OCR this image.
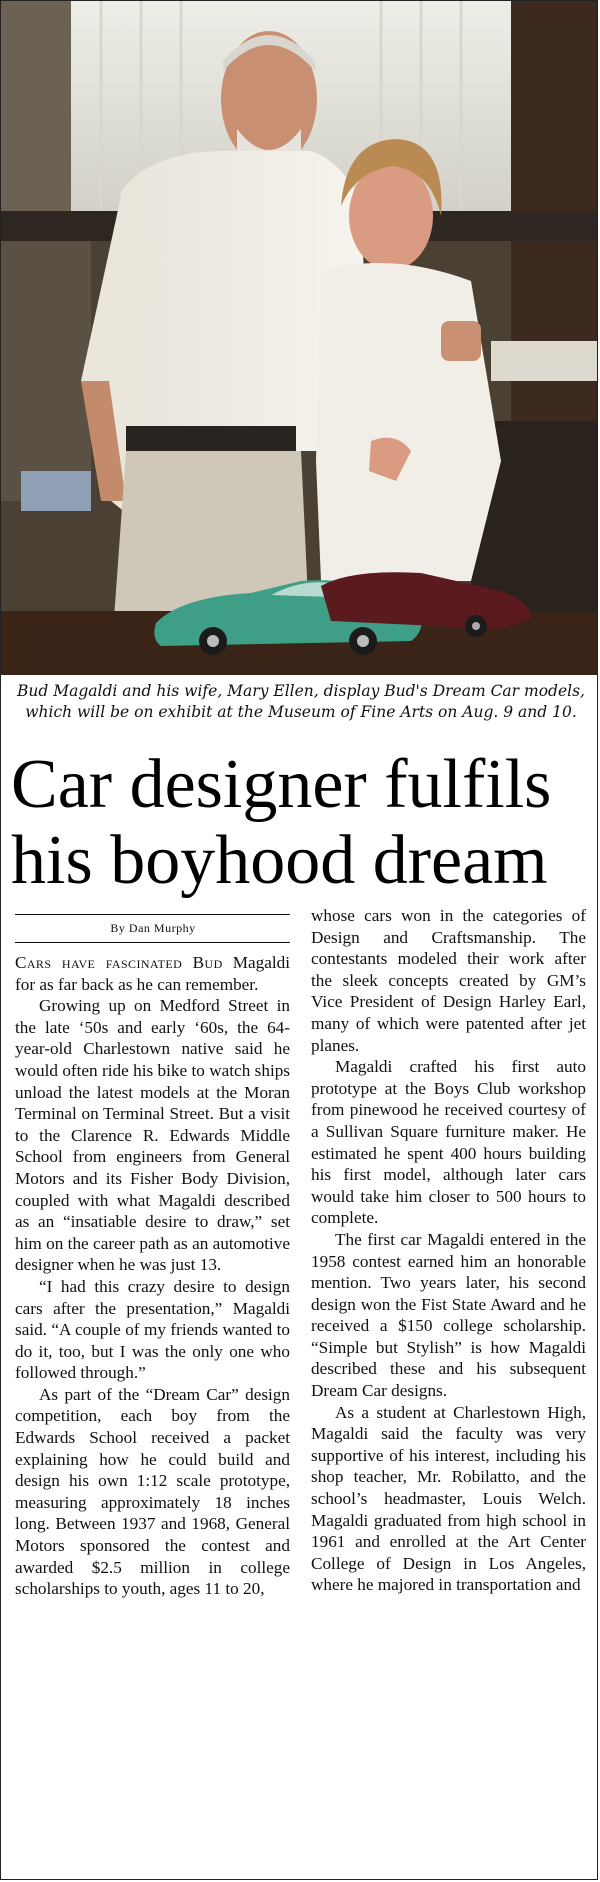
Bud Magaldi and his wife, Mary Ellen, display Bud's Dream Car models, which will be on exhibit at the Museum of Fine Arts on Aug. 9 and 10.
Car designer fulfils
his boyhood dream
By Dan Murphy

Cars have fascinated Bud Magaldi for as far back as he can remember.

Growing up on Medford Street in the late ‘50s and early ‘60s, the 64-year-old Charlestown native said he would often ride his bike to watch ships unload the latest models at the Moran Terminal on Terminal Street. But a visit to the Clarence R. Edwards Middle School from engineers from General Motors and its Fisher Body Division, coupled with what Magaldi described as an “insatiable desire to draw,” set him on the career path as an automotive designer when he was just 13.

“I had this crazy desire to design cars after the presentation,” Magaldi said. “A couple of my friends wanted to do it, too, but I was the only one who followed through.”

As part of the “Dream Car” design competition, each boy from the Edwards School received a packet explaining how he could build and design his own 1:12 scale prototype, measuring approximately 18 inches long. Between 1937 and 1968, General Motors sponsored the contest and awarded $2.5 million in college scholarships to youth, ages 11 to 20,

whose cars won in the categories of Design and Craftsmanship. The contestants modeled their work after the sleek concepts created by GM’s Vice President of Design Harley Earl, many of which were patented after jet planes.

Magaldi crafted his first auto prototype at the Boys Club workshop from pinewood he received courtesy of a Sullivan Square furniture maker. He estimated he spent 400 hours building his first model, although later cars would take him closer to 500 hours to complete.

The first car Magaldi entered in the 1958 contest earned him an honorable mention. Two years later, his second design won the Fist State Award and he received a $150 college scholarship. “Simple but Stylish” is how Magaldi described these and his subsequent Dream Car designs.

As a student at Charlestown High, Magaldi said the faculty was very supportive of his interest, including his shop teacher, Mr. Robilatto, and the school’s headmaster, Louis Welch. Magaldi graduated from high school in 1961 and enrolled at the Art Center College of Design in Los Angeles, where he majored in transportation and
